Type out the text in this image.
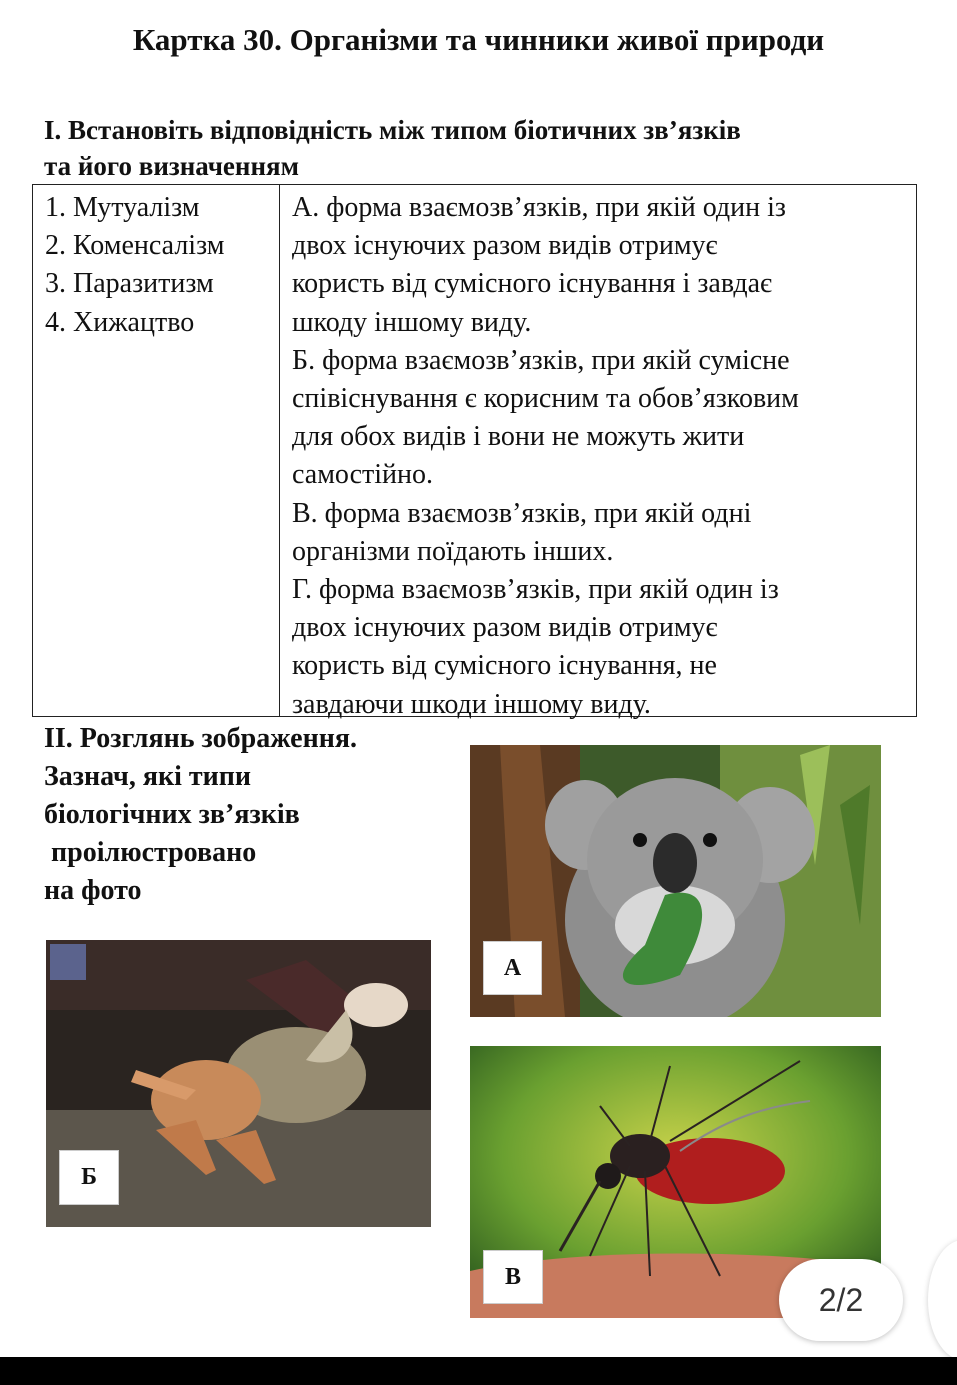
Картка 30. Організми та чинники живої природи
І. Встановіть відповідність між типом біотичних зв’язків
та його визначенням
1. Мутуалізм
2. Коменсалізм
3. Паразитизм
4. Хижацтво
А. форма взаємозв’язків, при якій один із
двох існуючих разом видів отримує
користь від сумісного існування і завдає
шкоду іншому виду.
Б. форма взаємозв’язків, при якій сумісне
співіснування є корисним та обов’язковим
для обох видів і вони не можуть жити
самостійно.
В. форма взаємозв’язків, при якій одні
організми поїдають інших.
Г. форма взаємозв’язків, при якій один із
двох існуючих разом видів отримує
користь від сумісного існування, не
завдаючи шкоди іншому виду.
ІІ. Розглянь зображення.
Зазнач, які типи
біологічних зв’язків
проілюстровано
на фото
А
Б
В
2/2
